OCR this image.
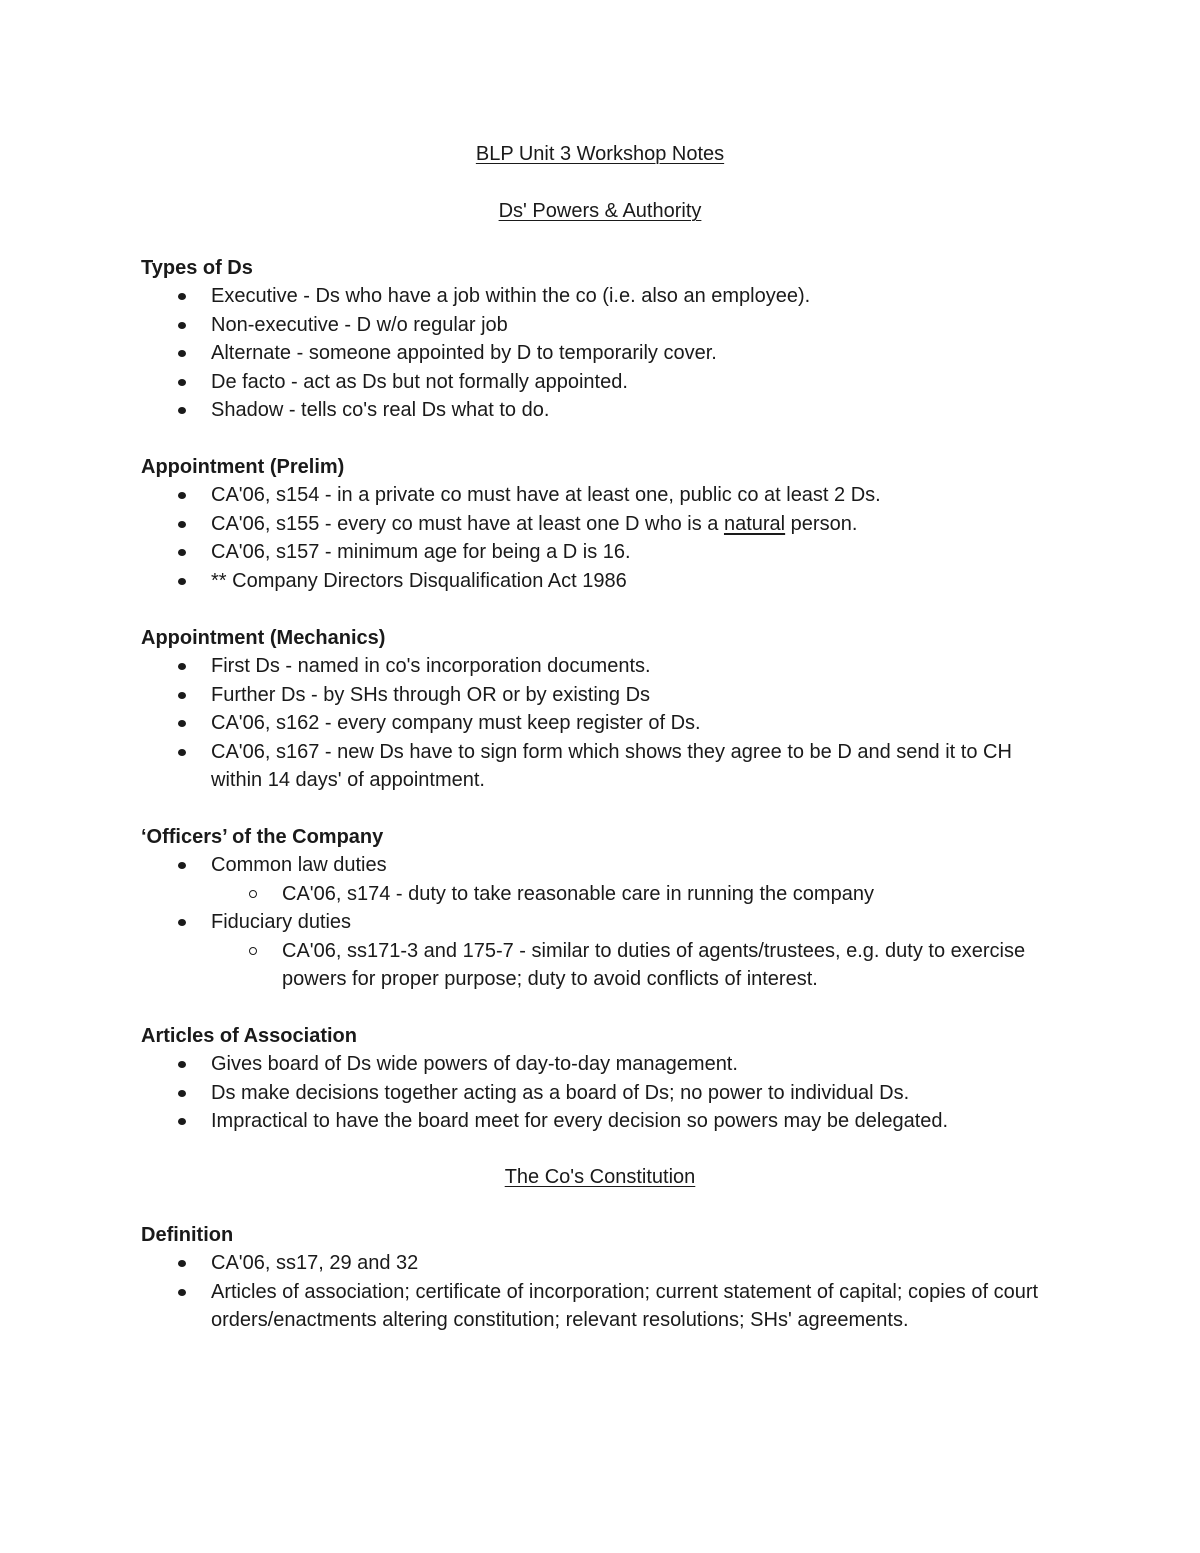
BLP Unit 3 Workshop Notes
Ds' Powers & Authority
Types of Ds
Executive - Ds who have a job within the co (i.e. also an employee).
Non-executive - D w/o regular job
Alternate - someone appointed by D to temporarily cover.
De facto - act as Ds but not formally appointed.
Shadow - tells co's real Ds what to do.
Appointment (Prelim)
CA'06, s154 - in a private co must have at least one, public co at least 2 Ds.
CA'06, s155 - every co must have at least one D who is a natural person.
CA'06, s157 - minimum age for being a D is 16.
** Company Directors Disqualification Act 1986
Appointment (Mechanics)
First Ds - named in co's incorporation documents.
Further Ds - by SHs through OR or by existing Ds
CA'06, s162 - every company must keep register of Ds.
CA'06, s167 - new Ds have to sign form which shows they agree to be D and send it to CH within 14 days' of appointment.
‘Officers’ of the Company
Common law duties
CA'06, s174 - duty to take reasonable care in running the company
Fiduciary duties
CA'06, ss171-3 and 175-7 - similar to duties of agents/trustees, e.g. duty to exercise powers for proper purpose; duty to avoid conflicts of interest.
Articles of Association
Gives board of Ds wide powers of day-to-day management.
Ds make decisions together acting as a board of Ds; no power to individual Ds.
Impractical to have the board meet for every decision so powers may be delegated.
The Co's Constitution
Definition
CA'06, ss17, 29 and 32
Articles of association; certificate of incorporation; current statement of capital; copies of court orders/enactments altering constitution; relevant resolutions; SHs' agreements.
